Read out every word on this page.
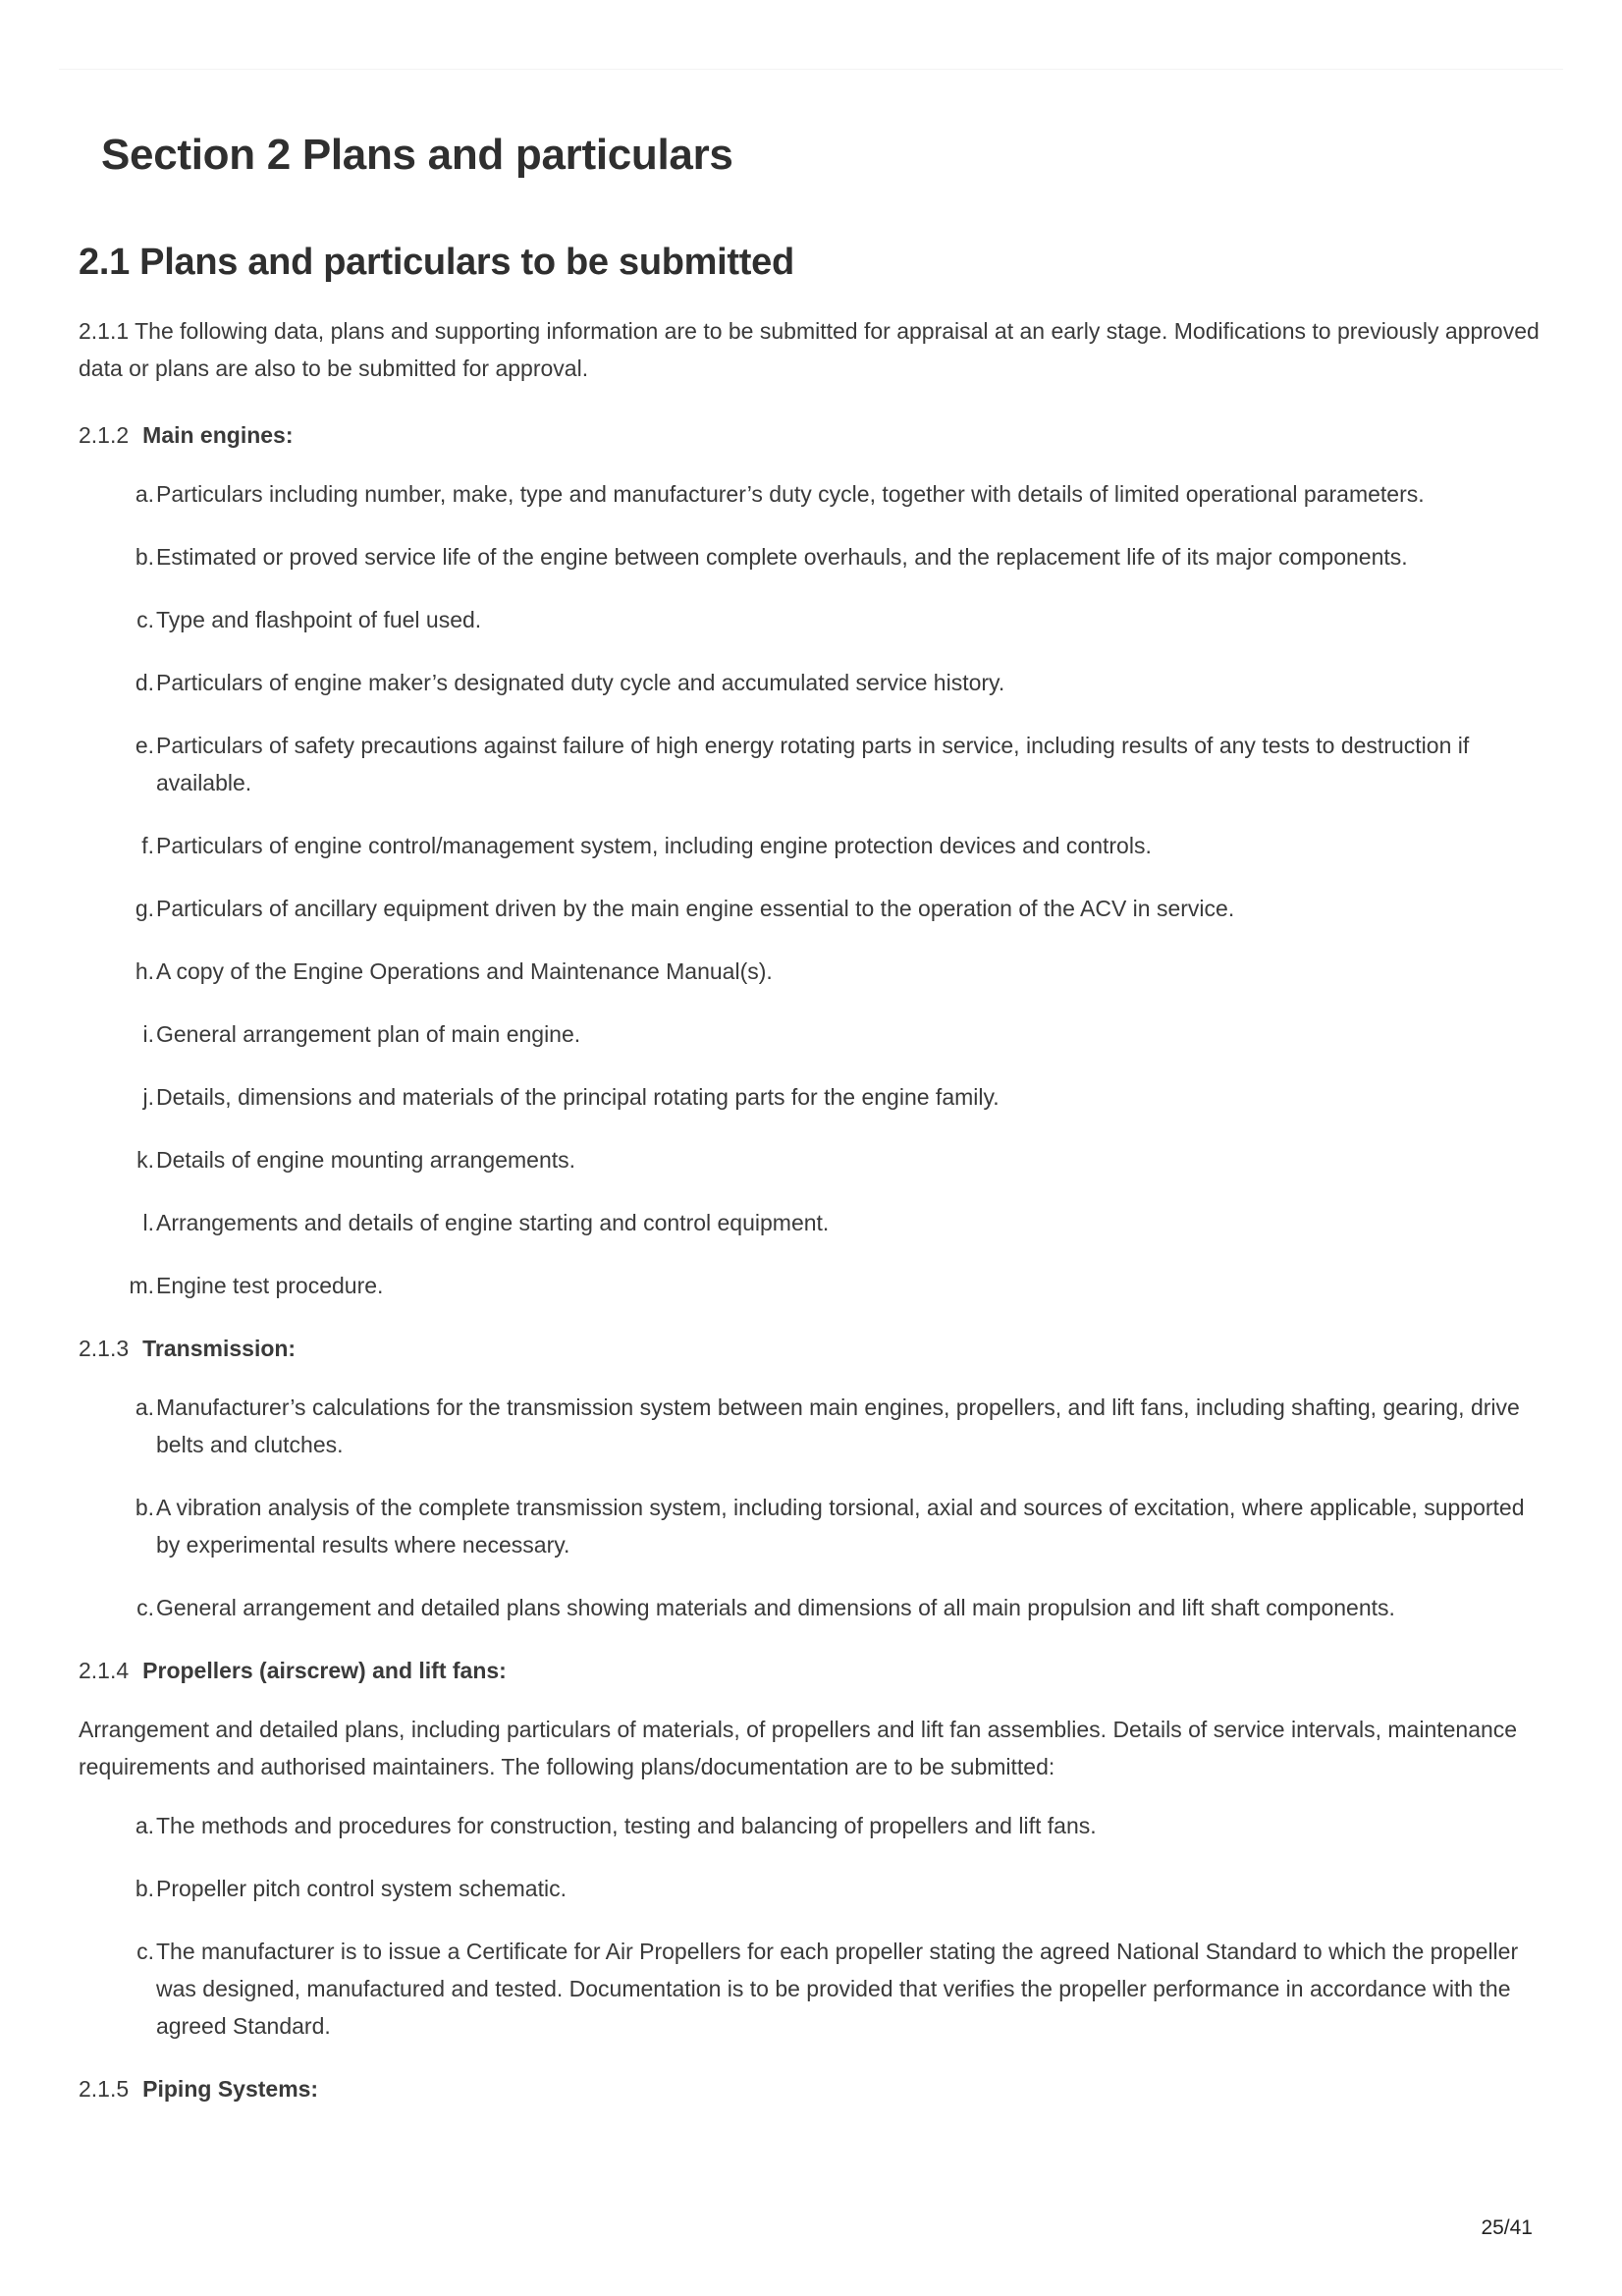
Section 2 Plans and particulars
2.1 Plans and particulars to be submitted

2.1.1 The following data, plans and supporting information are to be submitted for appraisal at an early stage. Modifications to previously approved data or plans are also to be submitted for approval.

2.1.2 Main engines:
a. Particulars including number, make, type and manufacturer’s duty cycle, together with details of limited operational parameters.
b. Estimated or proved service life of the engine between complete overhauls, and the replacement life of its major components.
c. Type and flashpoint of fuel used.
d. Particulars of engine maker’s designated duty cycle and accumulated service history.
e. Particulars of safety precautions against failure of high energy rotating parts in service, including results of any tests to destruction if available.
f. Particulars of engine control/management system, including engine protection devices and controls.
g. Particulars of ancillary equipment driven by the main engine essential to the operation of the ACV in service.
h. A copy of the Engine Operations and Maintenance Manual(s).
i. General arrangement plan of main engine.
j. Details, dimensions and materials of the principal rotating parts for the engine family.
k. Details of engine mounting arrangements.
l. Arrangements and details of engine starting and control equipment.
m. Engine test procedure.
2.1.3 Transmission:
a. Manufacturer’s calculations for the transmission system between main engines, propellers, and lift fans, including shafting, gearing, drive belts and clutches.
b. A vibration analysis of the complete transmission system, including torsional, axial and sources of excitation, where applicable, supported by experimental results where necessary.
c. General arrangement and detailed plans showing materials and dimensions of all main propulsion and lift shaft components.
2.1.4 Propellers (airscrew) and lift fans:

Arrangement and detailed plans, including particulars of materials, of propellers and lift fan assemblies. Details of service intervals, maintenance requirements and authorised maintainers. The following plans/documentation are to be submitted:

a. The methods and procedures for construction, testing and balancing of propellers and lift fans.
b. Propeller pitch control system schematic.
c. The manufacturer is to issue a Certificate for Air Propellers for each propeller stating the agreed National Standard to which the propeller was designed, manufactured and tested. Documentation is to be provided that verifies the propeller performance in accordance with the agreed Standard.
2.1.5 Piping Systems:
25/41
